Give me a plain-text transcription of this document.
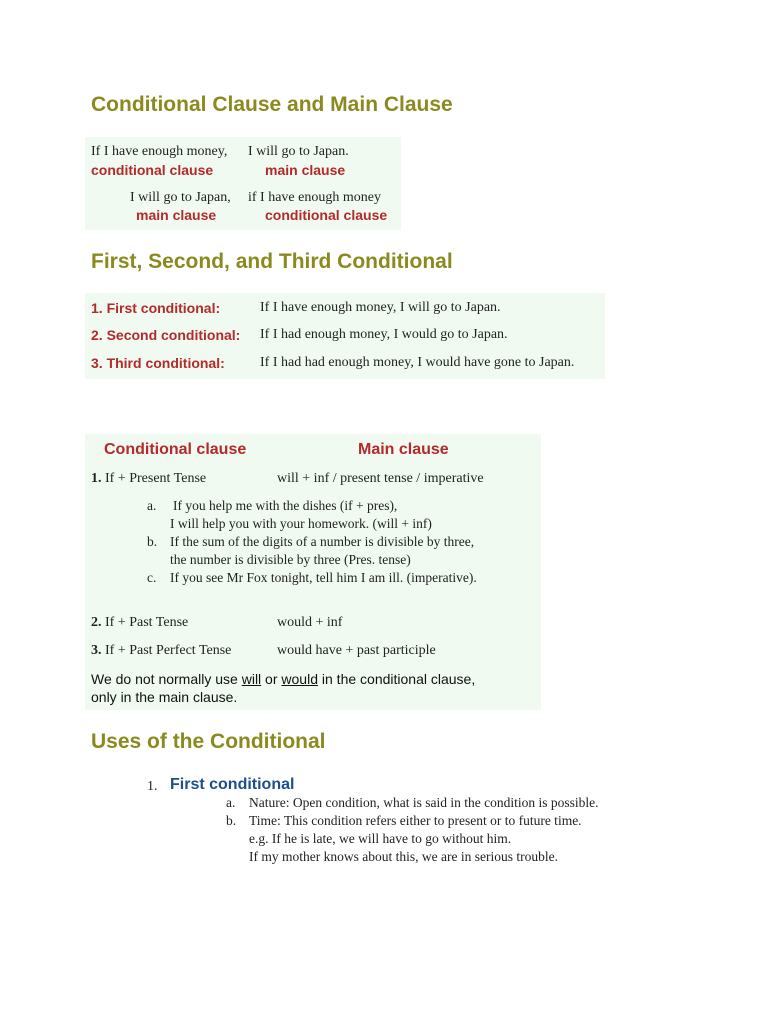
Conditional Clause and Main Clause
If I have enough money, I will go to Japan.
conditional clause	main clause
I will go to Japan, if I have enough money
main clause	conditional clause
First, Second, and Third Conditional
1. First conditional:	If I have enough money, I will go to Japan.
2. Second conditional: If I had enough money, I would go to Japan.
3. Third conditional:	If I had had enough money, I would have gone to Japan.
Conditional clause	Main clause
1. If + Present Tense	will + inf / present tense / imperative
a. If you help me with the dishes (if + pres),
I will help you with your homework. (will + inf)
b. If the sum of the digits of a number is divisible by three,
the number is divisible by three (Pres. tense)
c. If you see Mr Fox tonight, tell him I am ill. (imperative).
2. If + Past Tense	would + inf
3. If + Past Perfect Tense	would have + past participle
We do not normally use will or would in the conditional clause,
only in the main clause.
Uses of the Conditional
1. First conditional
a. Nature: Open condition, what is said in the condition is possible.
b. Time: This condition refers either to present or to future time.
e.g. If he is late, we will have to go without him.
If my mother knows about this, we are in serious trouble.
